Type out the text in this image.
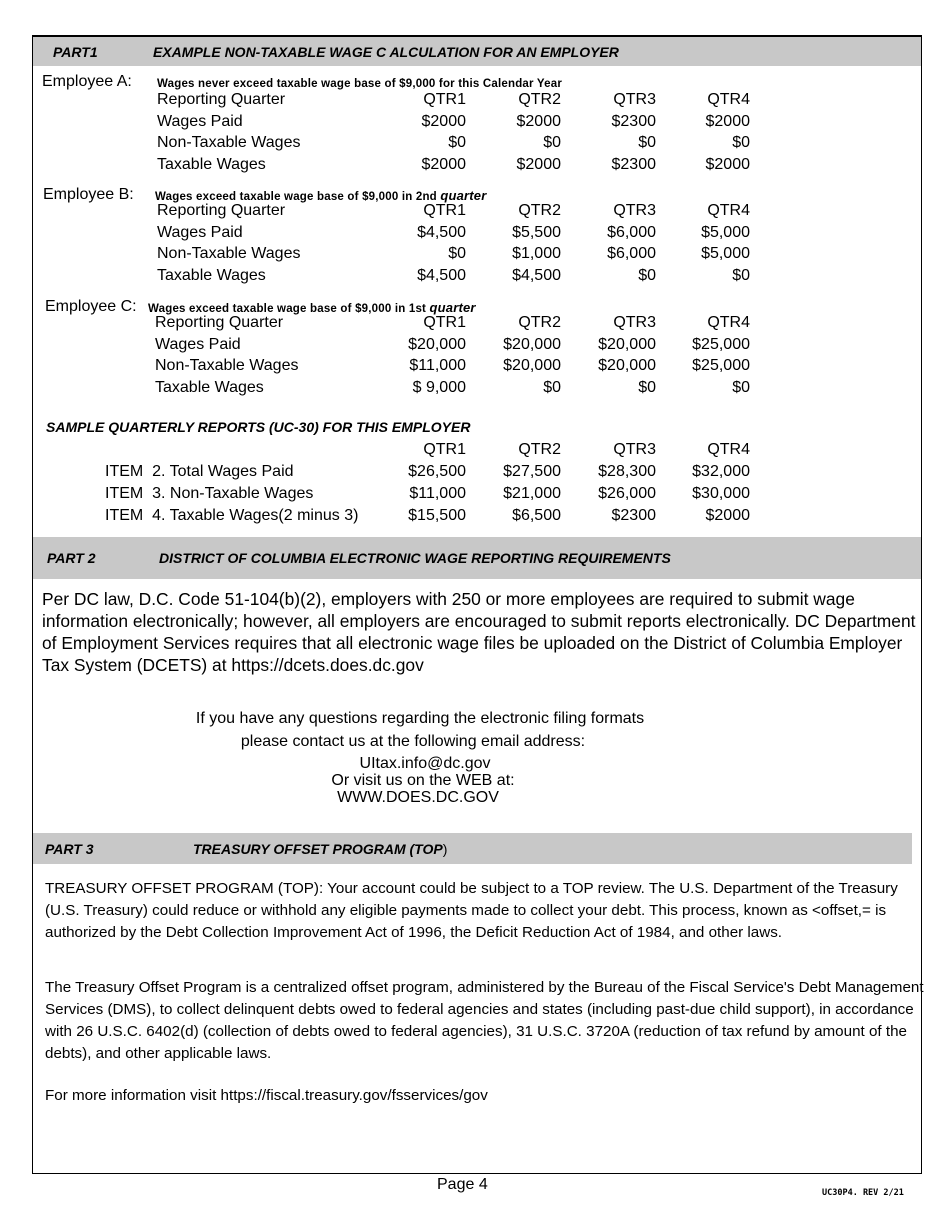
PART1	EXAMPLE NON-TAXABLE WAGE C ALCULATION FOR AN EMPLOYER
Employee A: Wages never exceed taxable wage base of $9,000 for this Calendar Year
Reporting Quarter	QTR1	QTR2	QTR3	QTR4
Wages Paid	$2000	$2000	$2300	$2000
Non-Taxable Wages	$0	$0	$0	$0
Taxable Wages	$2000	$2000	$2300	$2000
Employee B: Wages exceed taxable wage base of $9,000 in 2nd quarter
Reporting Quarter	QTR1	QTR2	QTR3	QTR4
Wages Paid	$4,500	$5,500	$6,000	$5,000
Non-Taxable Wages	$0	$1,000	$6,000	$5,000
Taxable Wages	$4,500	$4,500	$0	$0
Employee C: Wages exceed taxable wage base of $9,000 in 1st quarter
Reporting Quarter	QTR1	QTR2	QTR3	QTR4
Wages Paid	$20,000 $20,000 $20,000 $25,000
Non-Taxable Wages	$11,000 $20,000 $20,000 $25,000
Taxable Wages	$ 9,000	$0	$0	$0
SAMPLE QUARTERLY REPORTS (UC-30) FOR THIS EMPLOYER
QTR1	QTR2	QTR3	QTR4
ITEM  2. Total Wages Paid	$26,500 $27,500 $28,300 $32,000
ITEM  3. Non-Taxable Wages	$11,000 $21,000 $26,000 $30,000
ITEM  4. Taxable Wages(2 minus 3)	$15,500	$6,500	$2300	$2000
PART 2	DISTRICT OF COLUMBIA ELECTRONIC WAGE REPORTING REQUIREMENTS
Per DC law, D.C. Code 51-104(b)(2), employers with 250 or more employees are required to submit wage information electronically; however, all employers are encouraged to submit reports electronically. DC Department of Employment Services requires that all electronic wage files be uploaded on the District of Columbia Employer Tax System (DCETS) at https://dcets.does.dc.gov
If you have any questions regarding the electronic filing formats
please contact us at the following email address:
UItax.info@dc.gov
Or visit us on the WEB at:
WWW.DOES.DC.GOV
PART 3	TREASURY OFFSET PROGRAM (TOP)
TREASURY OFFSET PROGRAM (TOP): Your account could be subject to a TOP review. The U.S. Department of the Treasury (U.S. Treasury) could reduce or withhold any eligible payments made to collect your debt. This process, known as <offset,= is authorized by the Debt Collection Improvement Act of 1996, the Deficit Reduction Act of 1984, and other laws.
The Treasury Offset Program is a centralized offset program, administered by the Bureau of the Fiscal Service's Debt Management Services (DMS), to collect delinquent debts owed to federal agencies and states (including past-due child support), in accordance with 26 U.S.C. 6402(d) (collection of debts owed to federal agencies), 31 U.S.C. 3720A (reduction of tax refund by amount of the debts), and other applicable laws.
For more information visit https://fiscal.treasury.gov/fsservices/gov
Page 4	UC30P4. REV 2/21
